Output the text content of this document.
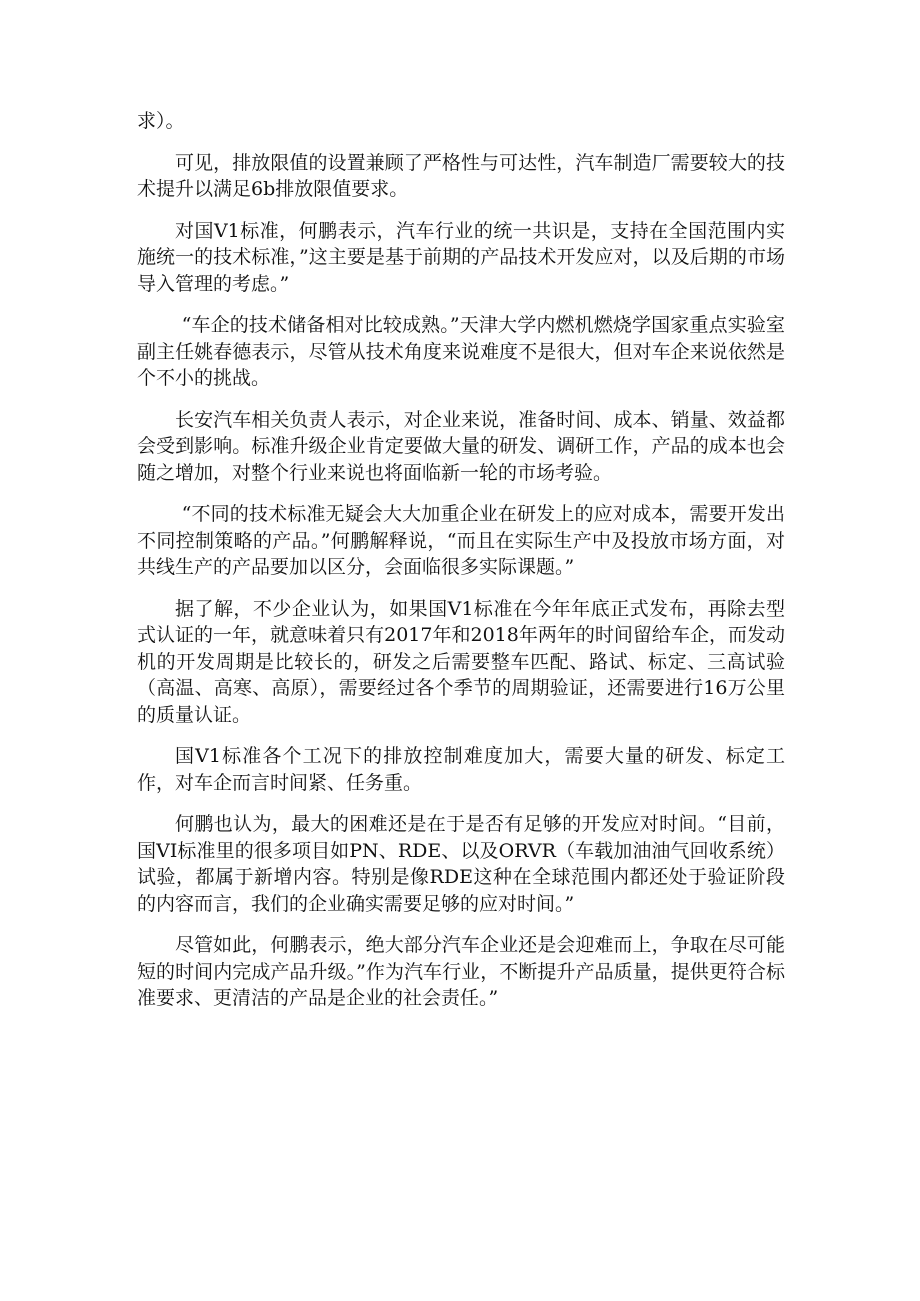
求）。

可见，排放限值的设置兼顾了严格性与可达性，汽车制造厂需要较大的技术提升以满足6b排放限值要求。

对国V1标准，何鹏表示，汽车行业的统一共识是，支持在全国范围内实施统一的技术标准，”这主要是基于前期的产品技术开发应对，以及后期的市场导入管理的考虑。”

“车企的技术储备相对比较成熟。”天津大学内燃机燃烧学国家重点实验室副主任姚春德表示，尽管从技术角度来说难度不是很大，但对车企来说依然是个不小的挑战。

长安汽车相关负责人表示，对企业来说，准备时间、成本、销量、效益都会受到影响。标准升级企业肯定要做大量的研发、调研工作，产品的成本也会随之增加，对整个行业来说也将面临新一轮的市场考验。

“不同的技术标准无疑会大大加重企业在研发上的应对成本，需要开发出不同控制策略的产品。”何鹏解释说，“而且在实际生产中及投放市场方面，对共线生产的产品要加以区分，会面临很多实际课题。”

据了解，不少企业认为，如果国V1标准在今年年底正式发布，再除去型式认证的一年，就意味着只有2017年和2018年两年的时间留给车企，而发动机的开发周期是比较长的，研发之后需要整车匹配、路试、标定、三高试验（高温、高寒、高原），需要经过各个季节的周期验证，还需要进行16万公里的质量认证。

国V1标准各个工况下的排放控制难度加大，需要大量的研发、标定工作，对车企而言时间紧、任务重。

何鹏也认为，最大的困难还是在于是否有足够的开发应对时间。“目前，国VI标准里的很多项目如PN、RDE、以及ORVR（车载加油油气回收系统）试验，都属于新增内容。特别是像RDE这种在全球范围内都还处于验证阶段的内容而言，我们的企业确实需要足够的应对时间。”

尽管如此，何鹏表示，绝大部分汽车企业还是会迎难而上，争取在尽可能短的时间内完成产品升级。”作为汽车行业，不断提升产品质量，提供更符合标准要求、更清洁的产品是企业的社会责任。”
